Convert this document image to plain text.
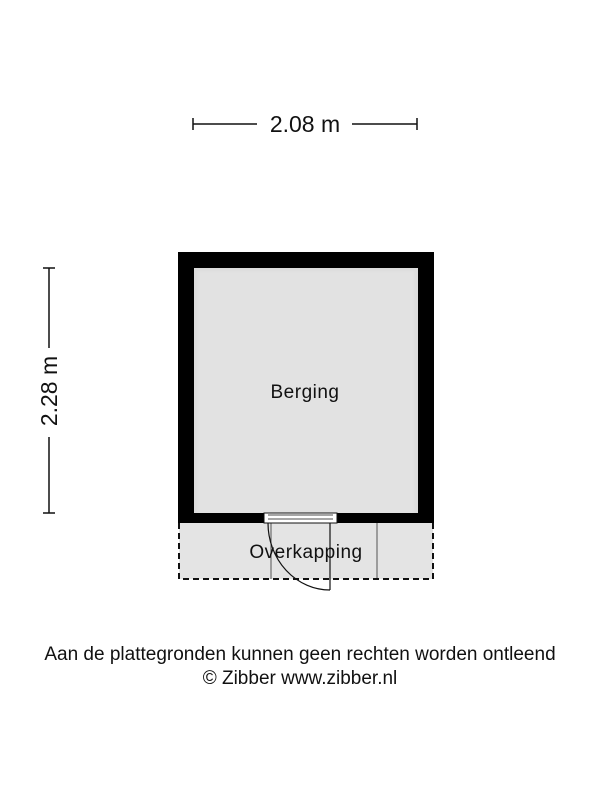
2.08 m
2.28 m	Berging
Overkapping
Aan de plattegronden kunnen geen rechten worden ontleend
© Zibber www.zibber.nl
